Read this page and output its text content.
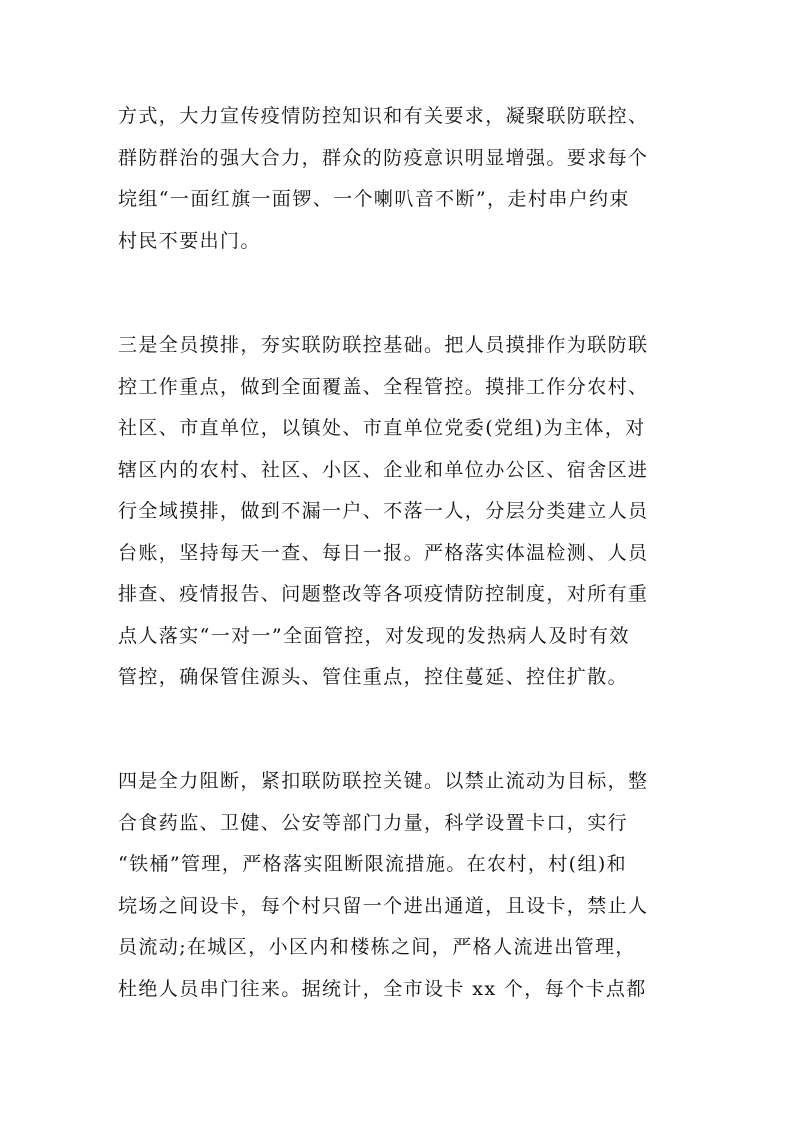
方式，大力宣传疫情防控知识和有关要求，凝聚联防联控、
群防群治的强大合力，群众的防疫意识明显增强。要求每个
垸组“一面红旗一面锣、一个喇叭音不断”，走村串户约束
村民不要出门。
三是全员摸排，夯实联防联控基础。把人员摸排作为联防联
控工作重点，做到全面覆盖、全程管控。摸排工作分农村、
社区、市直单位，以镇处、市直单位党委(党组)为主体，对
辖区内的农村、社区、小区、企业和单位办公区、宿舍区进
行全域摸排，做到不漏一户、不落一人，分层分类建立人员
台账，坚持每天一查、每日一报。严格落实体温检测、人员
排查、疫情报告、问题整改等各项疫情防控制度，对所有重
点人落实“一对一”全面管控，对发现的发热病人及时有效
管控，确保管住源头、管住重点，控住蔓延、控住扩散。
四是全力阻断，紧扣联防联控关键。以禁止流动为目标，整
合食药监、卫健、公安等部门力量，科学设置卡口，实行
“铁桶”管理，严格落实阻断限流措施。在农村，村(组)和
垸场之间设卡，每个村只留一个进出通道，且设卡，禁止人
员流动;在城区，小区内和楼栋之间，严格人流进出管理，
杜绝人员串门往来。据统计，全市设卡 xx 个，每个卡点都
